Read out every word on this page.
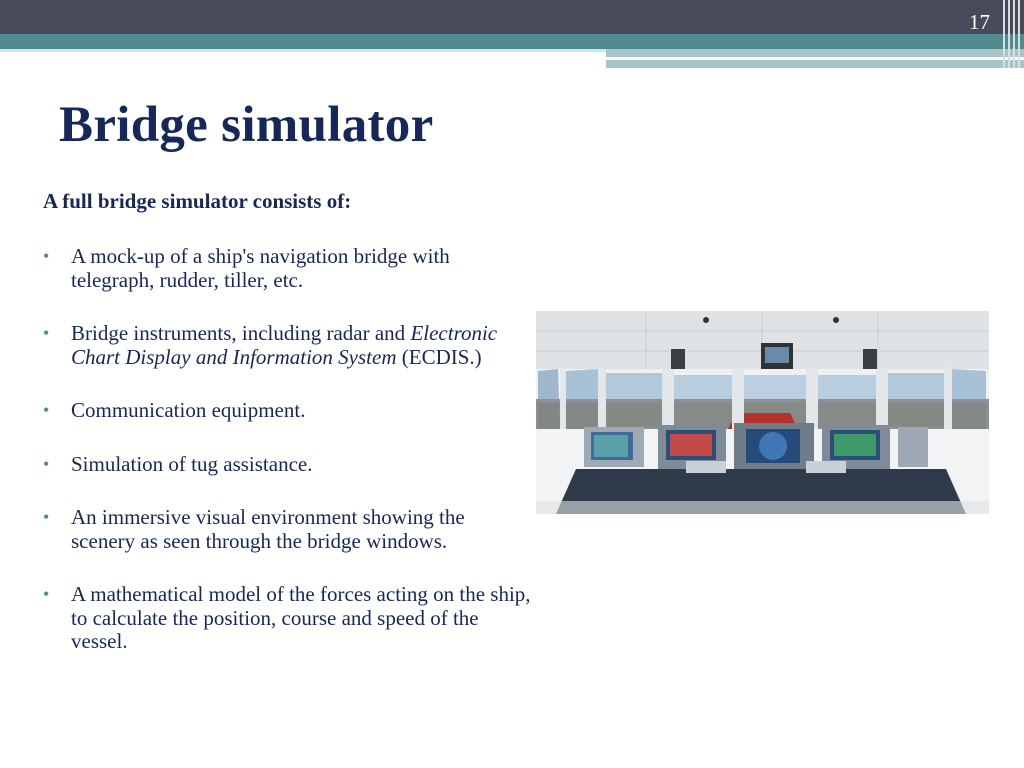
17
Bridge simulator

A full bridge simulator consists of:

• A mock-up of a ship's navigation bridge with telegraph, rudder, tiller, etc.
• Bridge instruments, including radar and Electronic Chart Display and Information System (ECDIS.)
• Communication equipment.
• Simulation of tug assistance.
• An immersive visual environment showing the scenery as seen through the bridge windows.
• A mathematical model of the forces acting on the ship, to calculate the position, course and speed of the vessel.
